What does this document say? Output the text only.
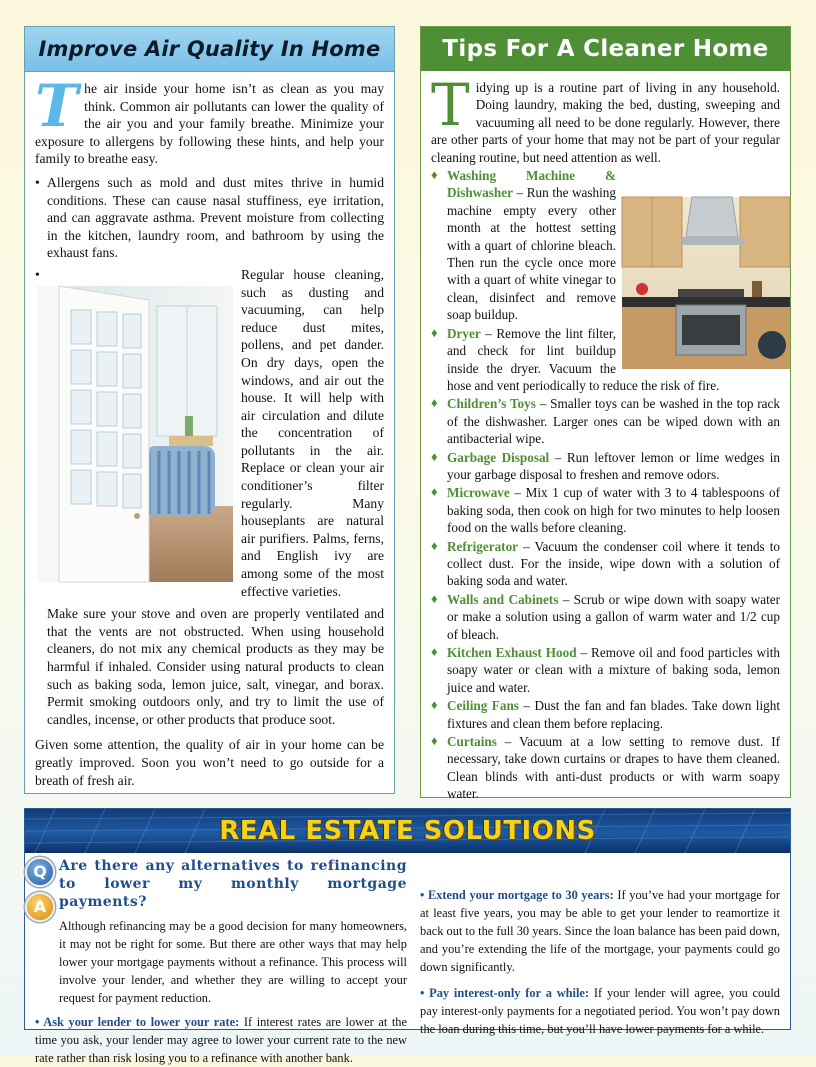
Improve Air Quality In Home

The air inside your home isn’t as clean as you may think. Common air pollutants can lower the quality of the air you and your family breathe. Minimize your exposure to allergens by following these hints, and help your family to breathe easy.

• Allergens such as mold and dust mites thrive in humid conditions. These can cause nasal stuffiness, eye irritation, and can aggravate asthma. Prevent moisture from collecting in the kitchen, laundry room, and bathroom by using the exhaust fans.

•	Regular house cleaning, such as dusting and vacuuming, can help reduce dust mites, pollens, and pet dander. On dry days, open the windows, and air out the house. It will help with air circulation and dilute the concentration of pollutants in the air. Replace or clean your air conditioner’s filter regularly. Many houseplants are natural air purifiers. Palms, ferns, and English ivy are among some of the most effective varieties.

Make sure your stove and oven are properly ventilated and that the vents are not obstructed. When using household cleaners, do not mix any chemical products as they may be harmful if inhaled. Consider using natural products to clean such as baking soda, lemon juice, salt, vinegar, and borax. Permit smoking outdoors only, and try to limit the use of candles, incense, or other products that produce soot.

Given some attention, the quality of air in your home can be greatly improved. Soon you won’t need to go outside for a breath of fresh air.

Tips For A Cleaner Home

Tidying up is a routine part of living in any household. Doing laundry, making the bed, dusting, sweeping and vacuuming all need to be done regularly. However, there are other parts of your home that may not be part of your regular cleaning routine, but need attention as well.

♦ Washing Machine & Dishwasher – Run the washing machine empty every other month at the hottest setting with a quart of chlorine bleach. Then run the cycle once more with a quart of white vinegar to clean, disinfect and remove soap buildup.
♦ Dryer – Remove the lint filter, and check for lint buildup inside the dryer. Vacuum the hose and vent periodically to reduce the risk of fire.
♦ Children’s Toys – Smaller toys can be washed in the top rack of the dishwasher. Larger ones can be wiped down with an antibacterial wipe.
♦ Garbage Disposal – Run leftover lemon or lime wedges in your garbage disposal to freshen and remove odors.
♦ Microwave – Mix 1 cup of water with 3 to 4 tablespoons of baking soda, then cook on high for two minutes to help loosen food on the walls before cleaning.
♦ Refrigerator – Vacuum the condenser coil where it tends to collect dust. For the inside, wipe down with a solution of baking soda and water.
♦ Walls and Cabinets – Scrub or wipe down with soapy water or make a solution using a gallon of warm water and 1/2 cup of bleach.
♦ Kitchen Exhaust Hood – Remove oil and food particles with soapy water or clean with a mixture of baking soda, lemon juice and water.
♦ Ceiling Fans – Dust the fan and fan blades. Take down light fixtures and clean them before replacing.
♦ Curtains – Vacuum at a low setting to remove dust. If necessary, take down curtains or drapes to have them cleaned. Clean blinds with anti-dust products or with warm soapy water.
REAL ESTATE SOLUTIONS
Q
A

Are there any alternatives to refinancing to lower my monthly mortgage payments?

Although refinancing may be a good decision for many homeowners, it may not be right for some. But there are other ways that may help lower your mortgage payments without a refinance. This process will involve your lender, and whether they are willing to accept your request for payment reduction.

• Ask your lender to lower your rate: If interest rates are lower at the time you ask, your lender may agree to lower your current rate to the new rate rather than risk losing you to a refinance with another bank.

• Extend your mortgage to 30 years: If you’ve had your mortgage for at least five years, you may be able to get your lender to reamortize it back out to the full 30 years. Since the loan balance has been paid down, and you’re extending the life of the mortgage, your payments could go down significantly.

• Pay interest-only for a while: If your lender will agree, you could pay interest-only payments for a negotiated period. You won’t pay down the loan during this time, but you’ll have lower payments for a while.
